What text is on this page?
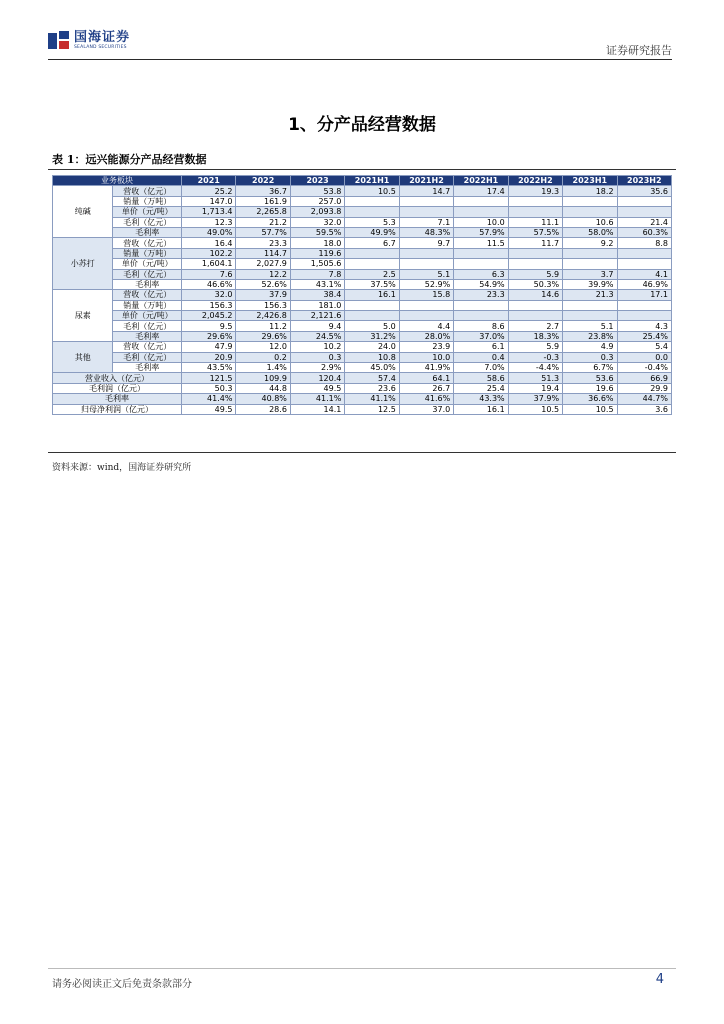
国海证券
SEALAND SECURITIES	证券研究报告
1、分产品经营数据
表 1：远兴能源分产品经营数据
业务板块		2021	2022	2023	2021H1	2021H2	2022H1	2022H2	2023H1	2023H2
纯碱	营收（亿元）	25.2	36.7	53.8	10.5	14.7	17.4	19.3	18.2	35.6
	销量（万吨）	147.0	161.9	257.0						
	单价（元/吨）	1,713.4	2,265.8	2,093.8						
	毛利（亿元）	12.3	21.2	32.0	5.3	7.1	10.0	11.1	10.6	21.4
	毛利率	49.0%	57.7%	59.5%	49.9%	48.3%	57.9%	57.5%	58.0%	60.3%
小苏打	营收（亿元）	16.4	23.3	18.0	6.7	9.7	11.5	11.7	9.2	8.8
	销量（万吨）	102.2	114.7	119.6						
	单价（元/吨）	1,604.1	2,027.9	1,505.6						
	毛利（亿元）	7.6	12.2	7.8	2.5	5.1	6.3	5.9	3.7	4.1
	毛利率	46.6%	52.6%	43.1%	37.5%	52.9%	54.9%	50.3%	39.9%	46.9%
尿素	营收（亿元）	32.0	37.9	38.4	16.1	15.8	23.3	14.6	21.3	17.1
	销量（万吨）	156.3	156.3	181.0						
	单价（元/吨）	2,045.2	2,426.8	2,121.6						
	毛利（亿元）	9.5	11.2	9.4	5.0	4.4	8.6	2.7	5.1	4.3
	毛利率	29.6%	29.6%	24.5%	31.2%	28.0%	37.0%	18.3%	23.8%	25.4%
其他	营收（亿元）	47.9	12.0	10.2	24.0	23.9	6.1	5.9	4.9	5.4
	毛利（亿元）	20.9	0.2	0.3	10.8	10.0	0.4	-0.3	0.3	0.0
	毛利率	43.5%	1.4%	2.9%	45.0%	41.9%	7.0%	-4.4%	6.7%	-0.4%
营业收入（亿元）		121.5	109.9	120.4	57.4	64.1	58.6	51.3	53.6	66.9
毛利润（亿元）		50.3	44.8	49.5	23.6	26.7	25.4	19.4	19.6	29.9
毛利率		41.4%	40.8%	41.1%	41.1%	41.6%	43.3%	37.9%	36.6%	44.7%
归母净利润（亿元）		49.5	28.6	14.1	12.5	37.0	16.1	10.5	10.5	3.6
资料来源：wind，国海证券研究所
请务必阅读正文后免责条款部分	4
